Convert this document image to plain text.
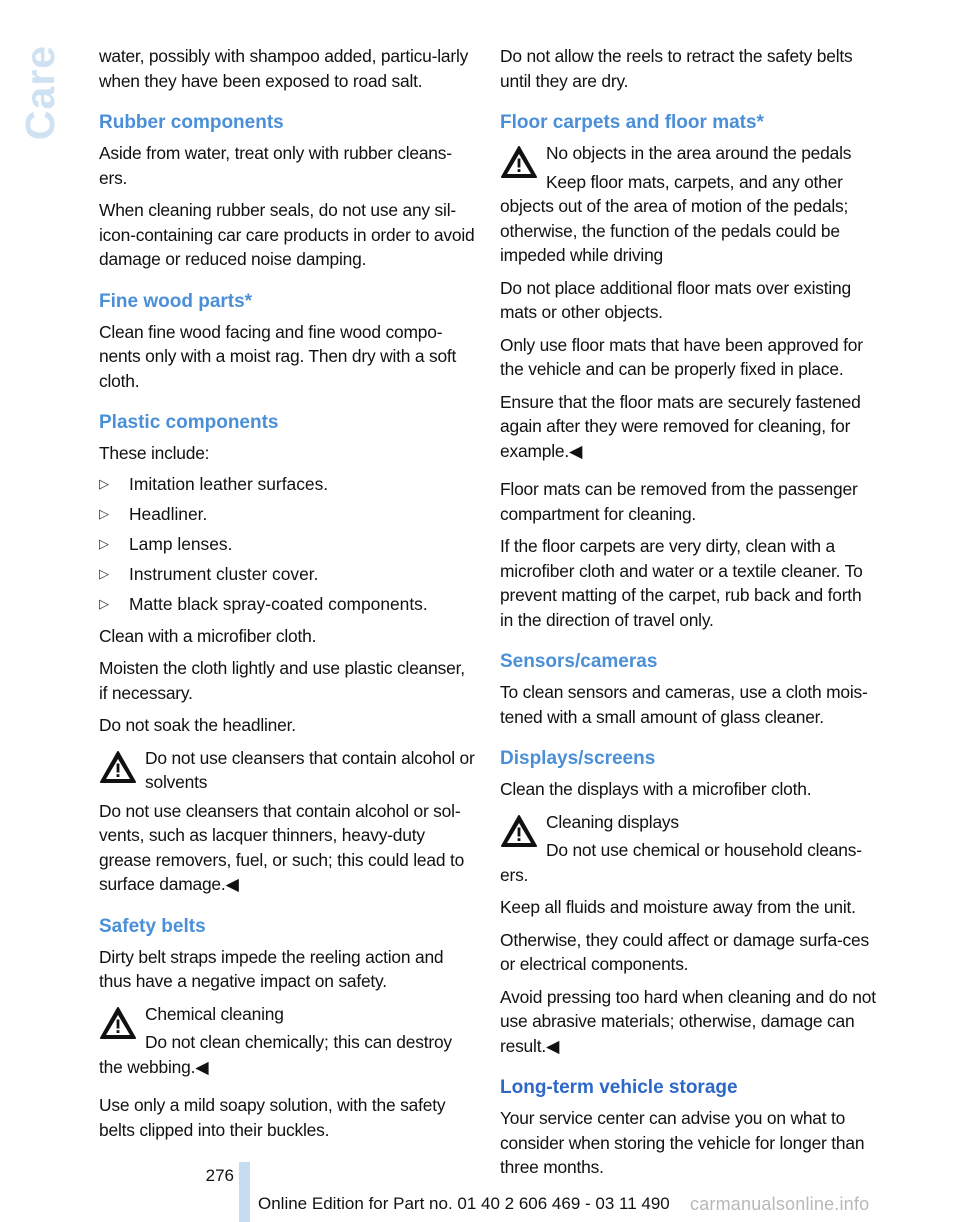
Care water, possibly with shampoo added, particu-larly when they have been exposed to road salt.

Rubber components

Aside from water, treat only with rubber cleans-ers.

When cleaning rubber seals, do not use any sil-icon-containing car care products in order to avoid damage or reduced noise damping.

Fine wood parts*

Clean fine wood facing and fine wood compo-nents only with a moist rag. Then dry with a soft cloth.

Plastic components

These include:

▷ Imitation leather surfaces.
▷ Headliner.
▷ Lamp lenses.
▷ Instrument cluster cover.
▷ Matte black spray-coated components.

Clean with a microfiber cloth.

Moisten the cloth lightly and use plastic cleanser, if necessary.

Do not soak the headliner.

Do not use cleansers that contain alcohol or solvents

Do not use cleansers that contain alcohol or sol-vents, such as lacquer thinners, heavy-duty grease removers, fuel, or such; this could lead to surface damage.◀

Safety belts

Dirty belt straps impede the reeling action and thus have a negative impact on safety.

Chemical cleaning

Do not clean chemically; this can destroy the webbing.◀

Use only a mild soapy solution, with the safety belts clipped into their buckles.

Do not allow the reels to retract the safety belts until they are dry.

Floor carpets and floor mats*

No objects in the area around the pedals

Keep floor mats, carpets, and any other objects out of the area of motion of the pedals; otherwise, the function of the pedals could be impeded while driving

Do not place additional floor mats over existing mats or other objects.

Only use floor mats that have been approved for the vehicle and can be properly fixed in place.

Ensure that the floor mats are securely fastened again after they were removed for cleaning, for example.◀

Floor mats can be removed from the passenger compartment for cleaning.

If the floor carpets are very dirty, clean with a microfiber cloth and water or a textile cleaner. To prevent matting of the carpet, rub back and forth in the direction of travel only.

Sensors/cameras

To clean sensors and cameras, use a cloth mois-tened with a small amount of glass cleaner.

Displays/screens

Clean the displays with a microfiber cloth.

Cleaning displays

Do not use chemical or household cleans-ers.

Keep all fluids and moisture away from the unit.

Otherwise, they could affect or damage surfa-ces or electrical components.

Avoid pressing too hard when cleaning and do not use abrasive materials; otherwise, damage can result.◀

Long-term vehicle storage

Your service center can advise you on what to consider when storing the vehicle for longer than three months.

276
Online Edition for Part no. 01 40 2 606 469 - 03 11 490 carmanualsonline.info
